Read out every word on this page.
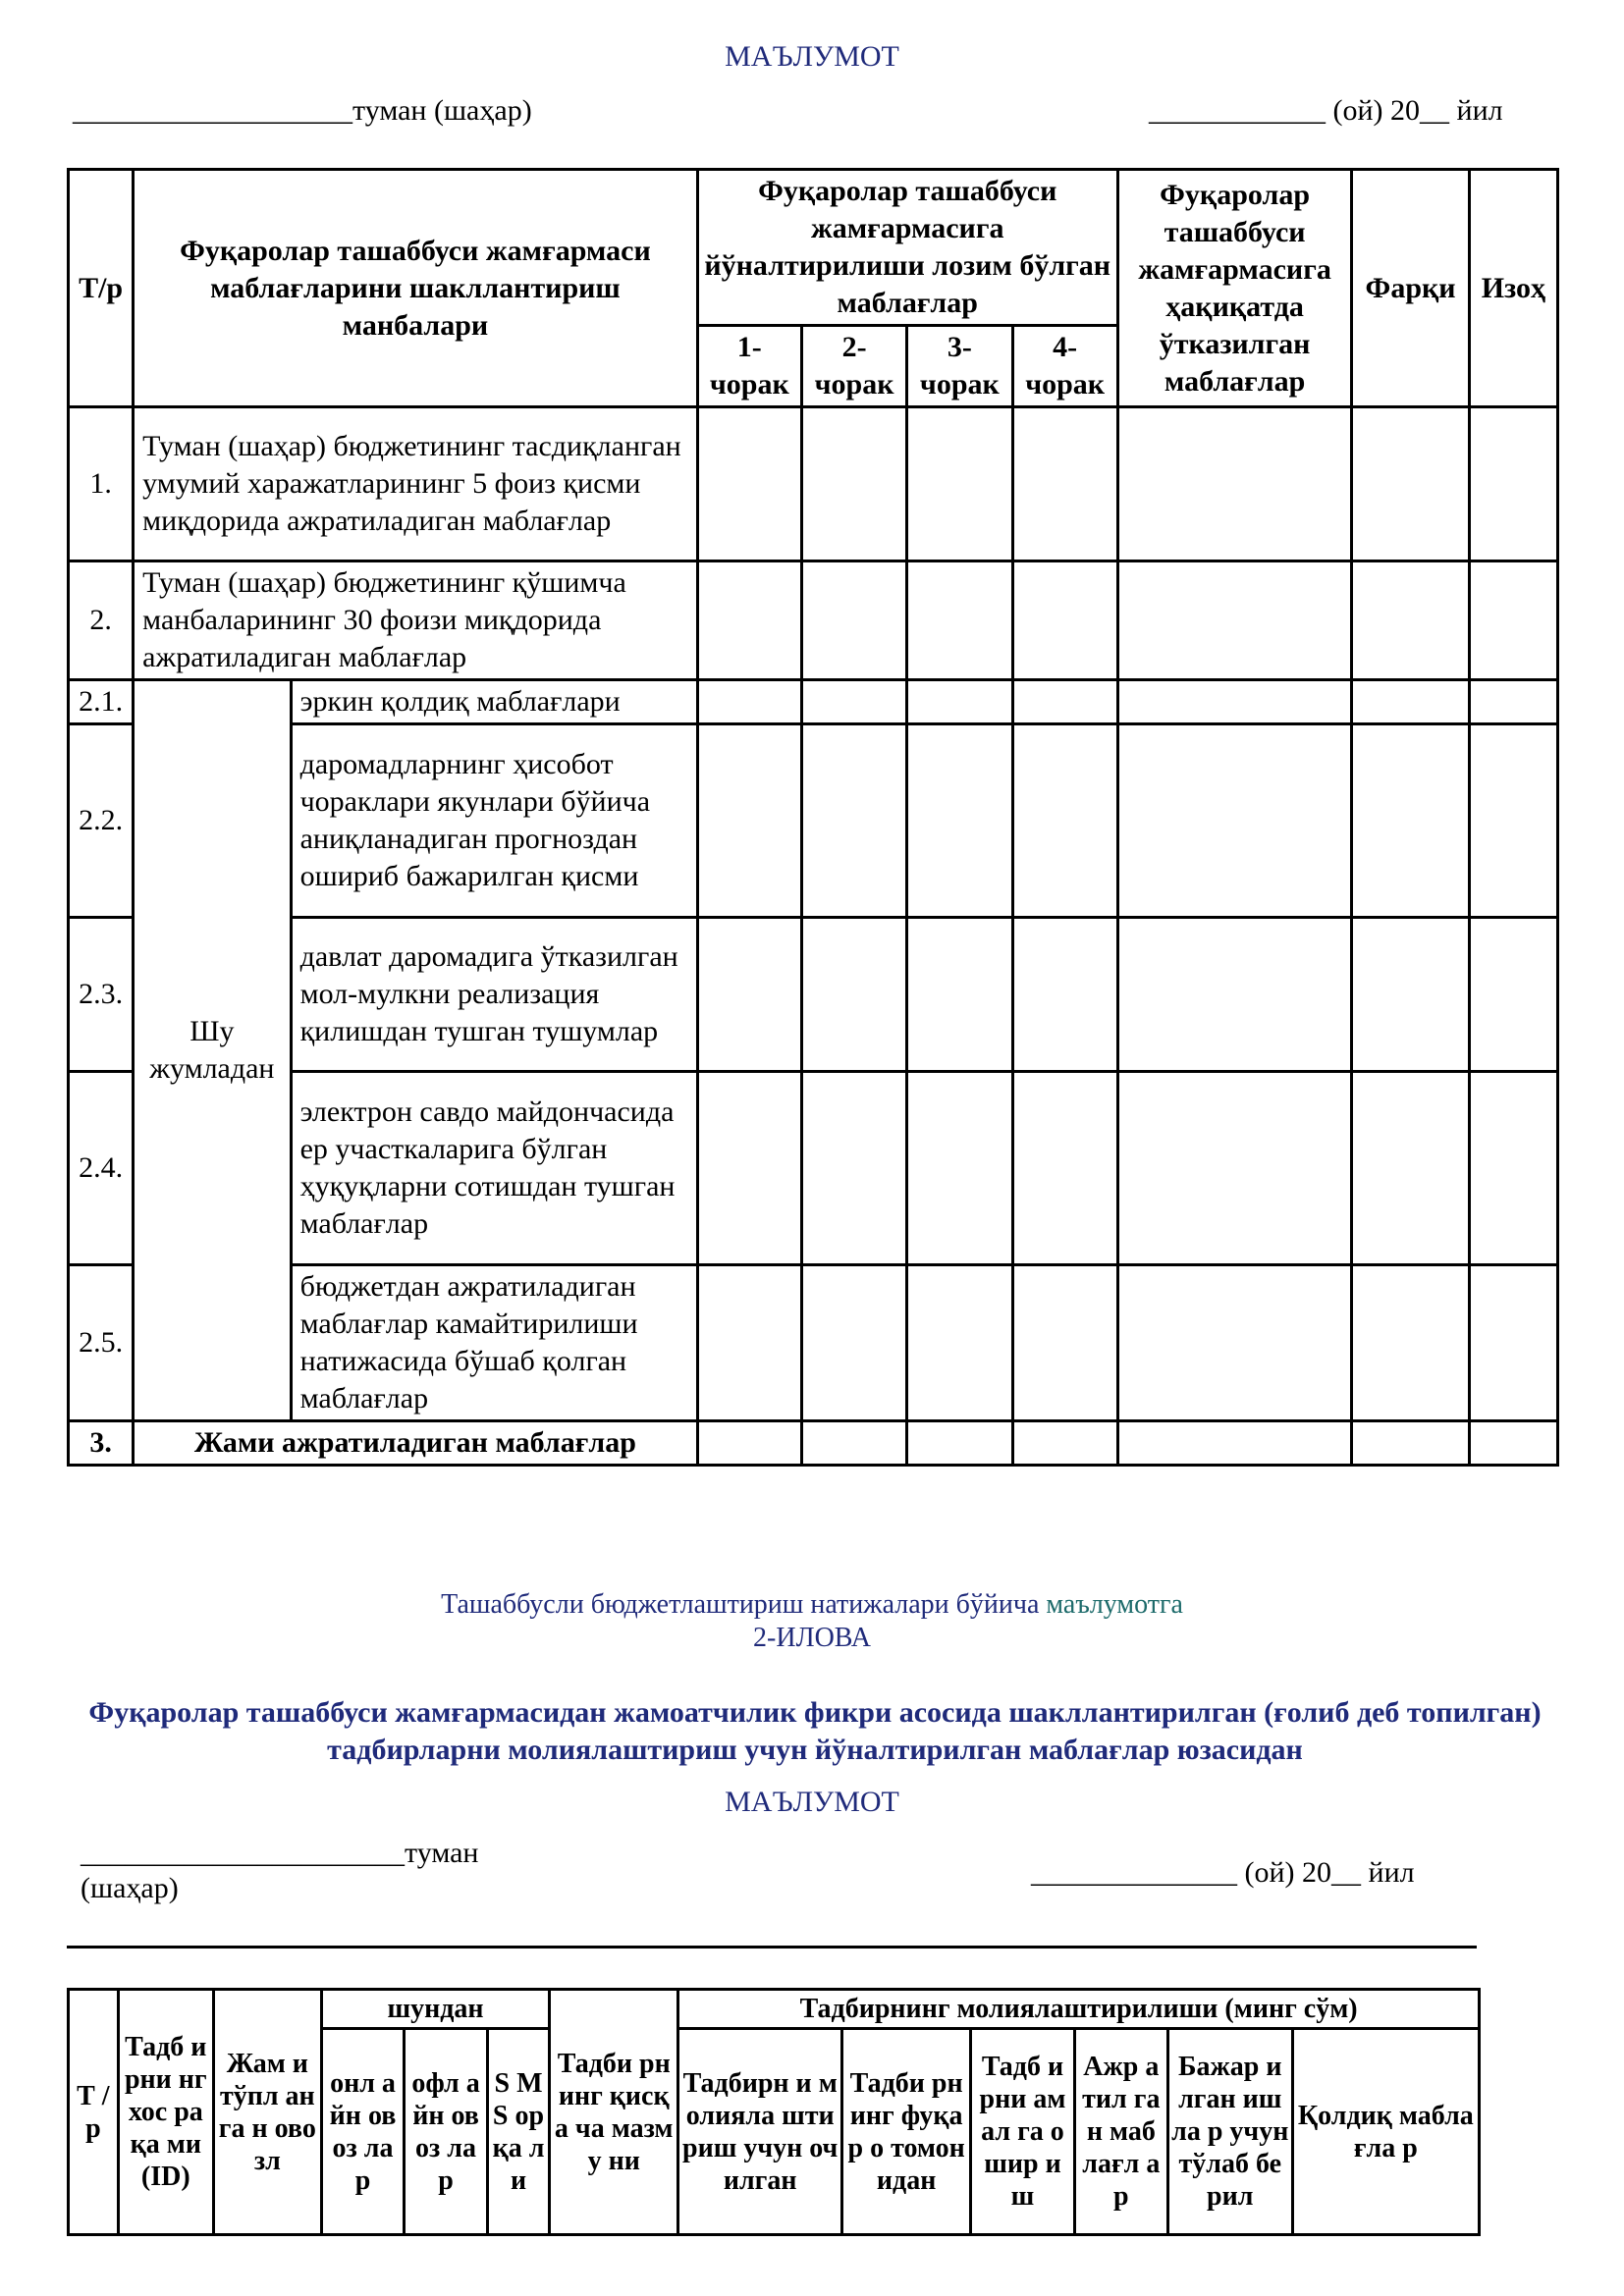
МАЪЛУМОТ
___________________туман (шаҳар)	____________ (ой) 20__ йил
Т/р	Фуқаролар ташаббуси жамғармаси маблағларини шакллантириш манбалари		Фуқаролар ташаббуси жамғармасига йўналтирилиши лозим бўлган маблағлар				Фуқаролар ташаббуси жамғармасига ҳақиқатда ўтказилган маблағлар	Фарқи	Изоҳ
			1-чорак	2-чорак	3-чорак	4-чорак			
1.	Туман (шаҳар) бюджетининг тасдиқланган умумий харажатларининг 5 фоиз қисми миқдорида ажратиладиган маблағлар								
2.	Туман (шаҳар) бюджетининг қўшимча манбаларининг 30 фоизи миқдорида ажратиладиган маблағлар								
2.1.	Шу жумладан	эркин қолдиқ маблағлари							
2.2.		даромадларнинг ҳисобот чораклари якунлари бўйича аниқланадиган прогноздан ошириб бажарилган қисми							
2.3.		давлат даромадига ўтказилган мол-мулкни реализация қилишдан тушган тушумлар							
2.4.		электрон савдо майдончасида ер участкаларига бўлган ҳуқуқларни сотишдан тушган маблағлар							
2.5.		бюджетдан ажратиладиган маблағлар камайтирилиши натижасида бўшаб қолган маблағлар							
3.	Жами ажратиладиган маблағлар								
Ташаббусли бюджетлаштириш натижалари бўйича маълумотга
2-ИЛОВА
Фуқаролар ташаббуси жамғармасидан жамоатчилик фикри асосида шакллантирилган (ғолиб деб топилган) тадбирларни молиялаштириш учун йўналтирилган маблағлар юзасидан
МАЪЛУМОТ
______________________туман
(шаҳар)	______________ (ой) 20__ йил
Т / р	Тадб ирни нг хос рақа ми (ID)	Жам и тўпл анга н овозл	шундан			Тадби рнинг қисқа ча мазму ни	Тадбирнинг молиялаштирилиши (минг сўм)					
			онл айн овоз лар	офл айн овоз лар	S M S ор қа ли		Тадбирн и молияла штириш учун очилган	Тадби рнинг фуқар о томон идан	Тадб ирни амал га ошир иш	Ажр атил ган маб лағл ар	Бажар илган ишла р учун тўлаб берил	Қолдиқ маблағла р
